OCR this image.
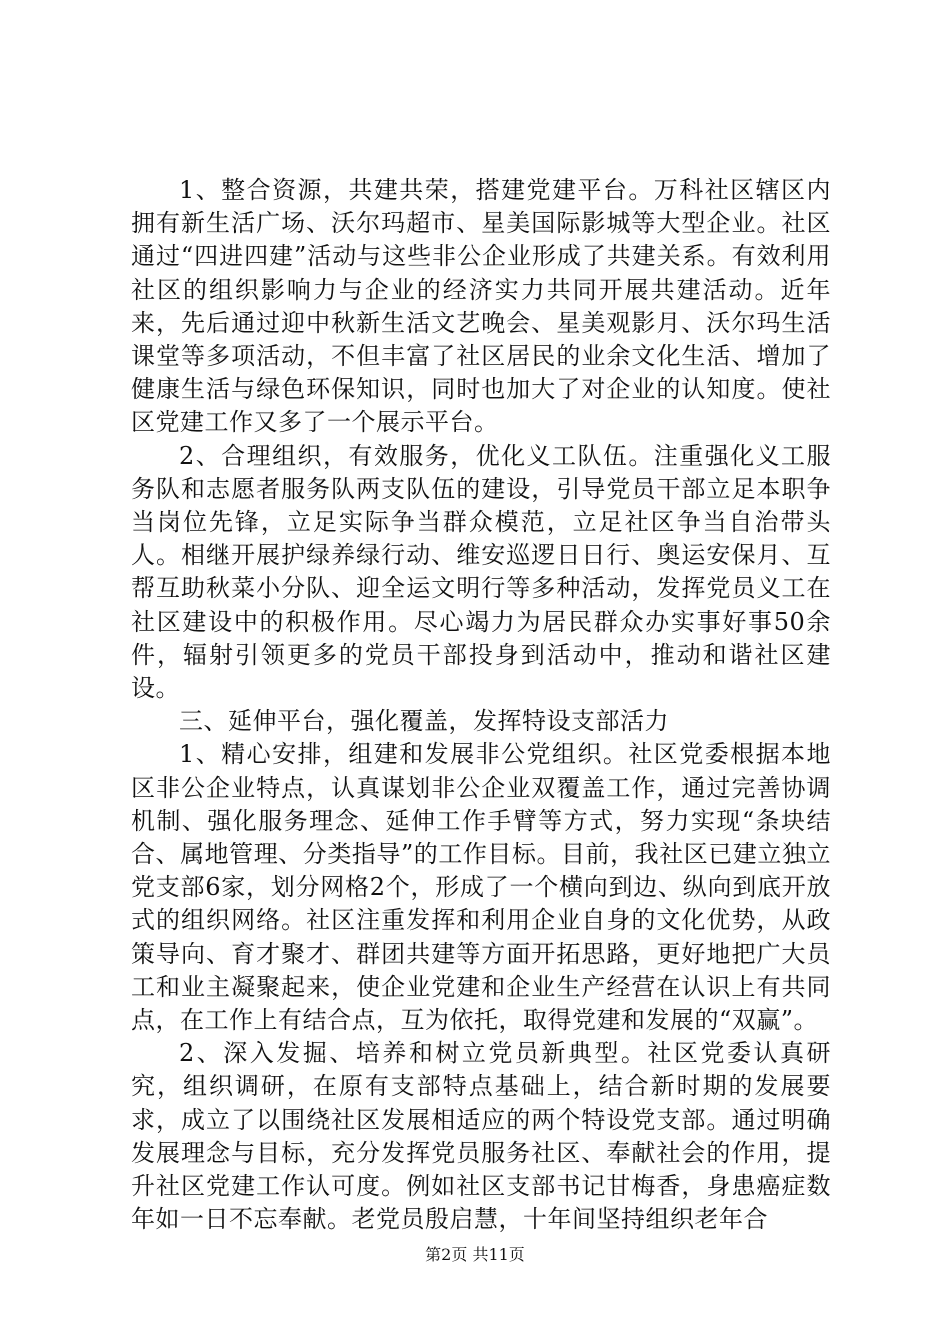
1、整合资源，共建共荣，搭建党建平台。万科社区辖区内拥有新生活广场、沃尔玛超市、星美国际影城等大型企业。社区通过“四进四建”活动与这些非公企业形成了共建关系。有效利用社区的组织影响力与企业的经济实力共同开展共建活动。近年来，先后通过迎中秋新生活文艺晚会、星美观影月、沃尔玛生活课堂等多项活动，不但丰富了社区居民的业余文化生活、增加了健康生活与绿色环保知识，同时也加大了对企业的认知度。使社区党建工作又多了一个展示平台。

2、合理组织，有效服务，优化义工队伍。注重强化义工服务队和志愿者服务队两支队伍的建设，引导党员干部立足本职争当岗位先锋，立足实际争当群众模范，立足社区争当自治带头人。相继开展护绿养绿行动、维安巡逻日日行、奥运安保月、互帮互助秋菜小分队、迎全运文明行等多种活动，发挥党员义工在社区建设中的积极作用。尽心竭力为居民群众办实事好事50余件，辐射引领更多的党员干部投身到活动中，推动和谐社区建设。

三、延伸平台，强化覆盖，发挥特设支部活力

1、精心安排，组建和发展非公党组织。社区党委根据本地区非公企业特点，认真谋划非公企业双覆盖工作，通过完善协调机制、强化服务理念、延伸工作手臂等方式，努力实现“条块结合、属地管理、分类指导”的工作目标。目前，我社区已建立独立党支部6家，划分网格2个，形成了一个横向到边、纵向到底开放式的组织网络。社区注重发挥和利用企业自身的文化优势，从政策导向、育才聚才、群团共建等方面开拓思路，更好地把广大员工和业主凝聚起来，使企业党建和企业生产经营在认识上有共同点，在工作上有结合点，互为依托，取得党建和发展的“双赢”。

2、深入发掘、培养和树立党员新典型。社区党委认真研究，组织调研，在原有支部特点基础上，结合新时期的发展要求，成立了以围绕社区发展相适应的两个特设党支部。通过明确发展理念与目标，充分发挥党员服务社区、奉献社会的作用，提升社区党建工作认可度。例如社区支部书记甘梅香，身患癌症数年如一日不忘奉献。老党员殷启慧，十年间坚持组织老年合

第2页 共11页
